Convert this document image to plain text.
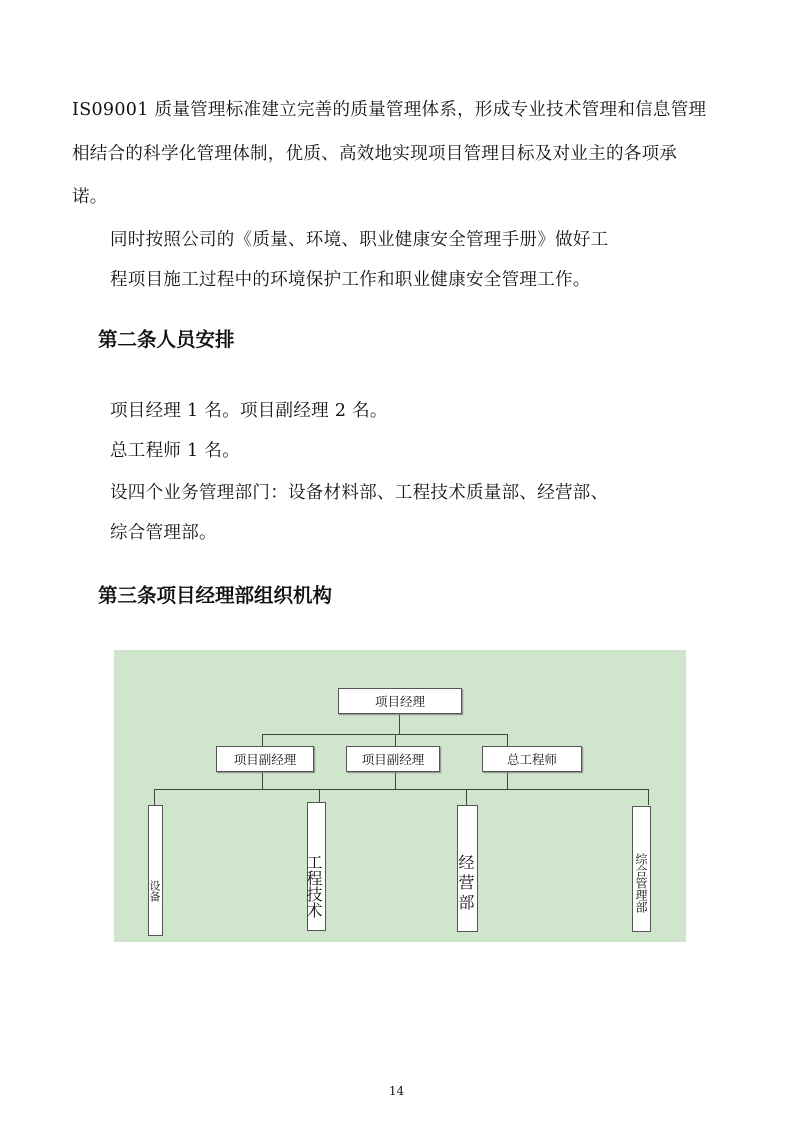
IS09001 质量管理标准建立完善的质量管理体系，形成专业技术管理和信息管理
相结合的科学化管理体制，优质、高效地实现项目管理目标及对业主的各项承
诺。
同时按照公司的《质量、环境、职业健康安全管理手册》做好工
程项目施工过程中的环境保护工作和职业健康安全管理工作。
第二条人员安排
项目经理 1 名。项目副经理 2 名。
总工程师 1 名。
设四个业务管理部门：设备材料部、工程技术质量部、经营部、
综合管理部。
第三条项目经理部组织机构
项目经理
项目副经理	项目副经理	总工程师
设备	工程技术	经营部	综合管理部
14
